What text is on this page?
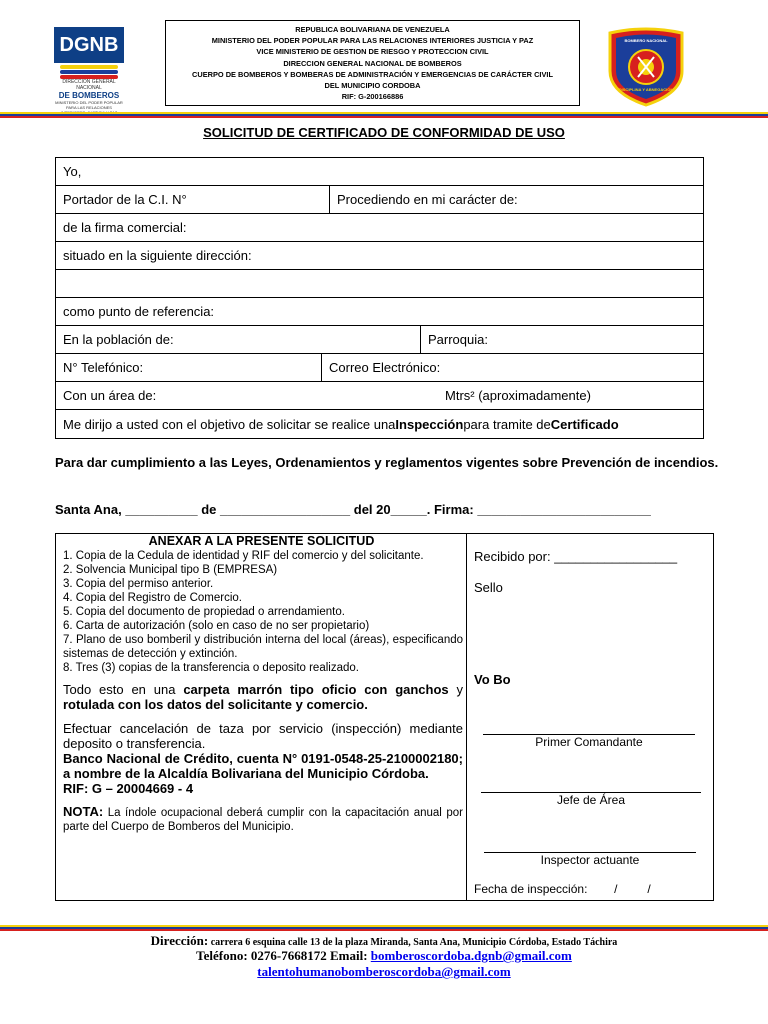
DGNB
DIRECCIÓN GENERAL NACIONAL
DE BOMBEROS
MINISTERIO DEL PODER POPULAR PARA LAS RELACIONES
REPUBLICA BOLIVARIANA DE VENEZUELA
MINISTERIO DEL PODER POPULAR PARA LAS RELACIONES INTERIORES JUSTICIA Y PAZ
VICE MINISTERIO DE GESTION DE RIESGO Y PROTECCION CIVIL
DIRECCION GENERAL NACIONAL DE BOMBEROS
CUERPO DE BOMBEROS Y BOMBERAS DE ADMINISTRACIÓN Y EMERGENCIAS DE CARÁCTER CIVIL
DEL MUNICIPIO CORDOBA
RIF: G-200166886
BOMBERO NACIONAL
DISCIPLINA Y ABNEGACIÓN
SOLICITUD DE CERTIFICADO DE CONFORMIDAD DE USO
Yo,
Portador de la C.I. N°	Procediendo en mi carácter de:
de la firma comercial:
situado en la siguiente dirección:
como punto de referencia:
En la población de:	Parroquia:
N° Telefónico:	Correo Electrónico:
Con un área de:	Mtrs² (aproximadamente)
Me dirijo a usted con el objetivo de solicitar se realice una Inspección para tramite de Certificado
Para dar cumplimiento a las Leyes, Ordenamientos y reglamentos vigentes sobre Prevención de incendios.
Santa Ana, __________ de __________________ del 20_____. Firma: ________________________
ANEXAR A LA PRESENTE SOLICITUD
1. Copia de la Cedula de identidad y RIF del comercio y del solicitante.
2. Solvencia Municipal tipo B (EMPRESA)
3. Copia del permiso anterior.
4. Copia del Registro de Comercio.
5. Copia del documento de propiedad o arrendamiento.
6. Carta de autorización (solo en caso de no ser propietario)
7. Plano de uso bomberil y distribución interna del local (áreas), especificando sistemas de detección y extinción.
8. Tres (3) copias de la transferencia o deposito realizado.
Todo esto en una carpeta marrón tipo oficio con ganchos y rotulada con los datos del solicitante y comercio.
Efectuar cancelación de taza por servicio (inspección) mediante deposito o transferencia.
Banco Nacional de Crédito, cuenta N° 0191-0548-25-2100002180; a nombre de la Alcaldía Bolivariana del Municipio Córdoba.
RIF: G – 20004669 - 4
NOTA: La índole ocupacional deberá cumplir con la capacitación anual por parte del Cuerpo de Bomberos del Municipio.
Recibido por: _________________
Sello
Vo Bo
Primer Comandante
Jefe de Área
Inspector actuante
Fecha de inspección:        /         /
Dirección: carrera 6 esquina calle 13 de la plaza Miranda, Santa Ana, Municipio Córdoba, Estado Táchira
Teléfono: 0276-7668172 Email: bomberoscordoba.dgnb@gmail.com
talentohumanobomberoscordoba@gmail.com
